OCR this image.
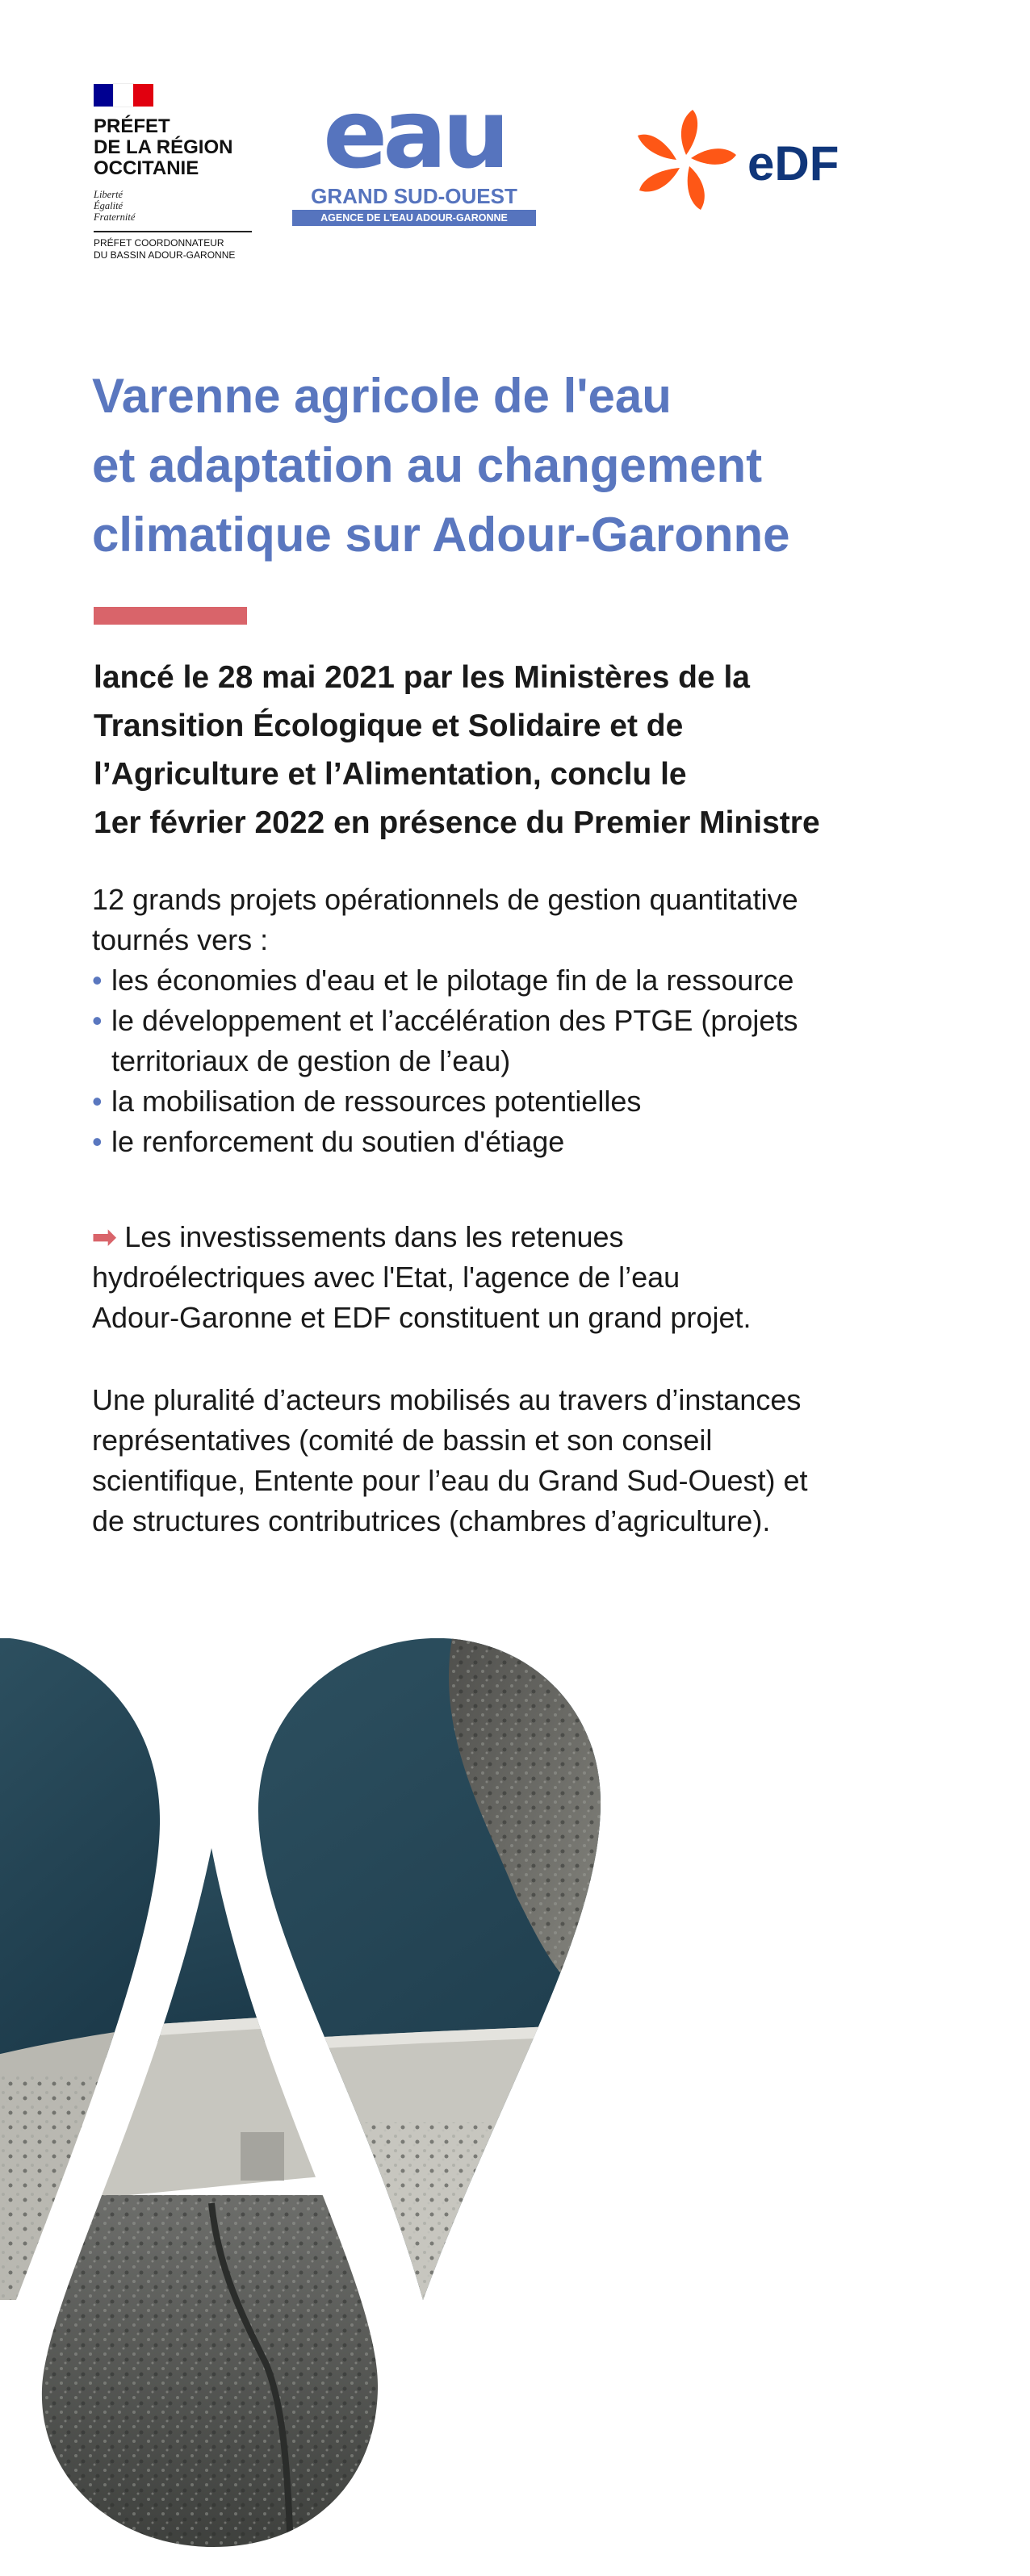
PRÉFET
DE LA RÉGION
OCCITANIE
Liberté
Égalité
Fraternité
PRÉFET COORDONNATEUR
DU BASSIN ADOUR-GARONNE
eau
GRAND SUD-OUEST
AGENCE DE L'EAU ADOUR-GARONNE
eDF
Varenne agricole de l'eau
et adaptation au changement
climatique sur Adour-Garonne
lancé le 28 mai 2021 par les Ministères de la
Transition Écologique et Solidaire et de
l’Agriculture et l’Alimentation, conclu le
1er février 2022 en présence du Premier Ministre
12 grands projets opérationnels de gestion quantitative
tournés vers :
• les économies d'eau et le pilotage fin de la ressource
• le développement et l’accélération des PTGE (projets
territoriaux de gestion de l’eau)
• la mobilisation de ressources potentielles
• le renforcement du soutien d'étiage
➡ Les investissements dans les retenues
hydroélectriques avec l'Etat, l'agence de l’eau
Adour-Garonne et EDF constituent un grand projet.
Une pluralité d’acteurs mobilisés au travers d’instances
représentatives (comité de bassin et son conseil
scientifique, Entente pour l’eau du Grand Sud-Ouest) et
de structures contributrices (chambres d’agriculture).
